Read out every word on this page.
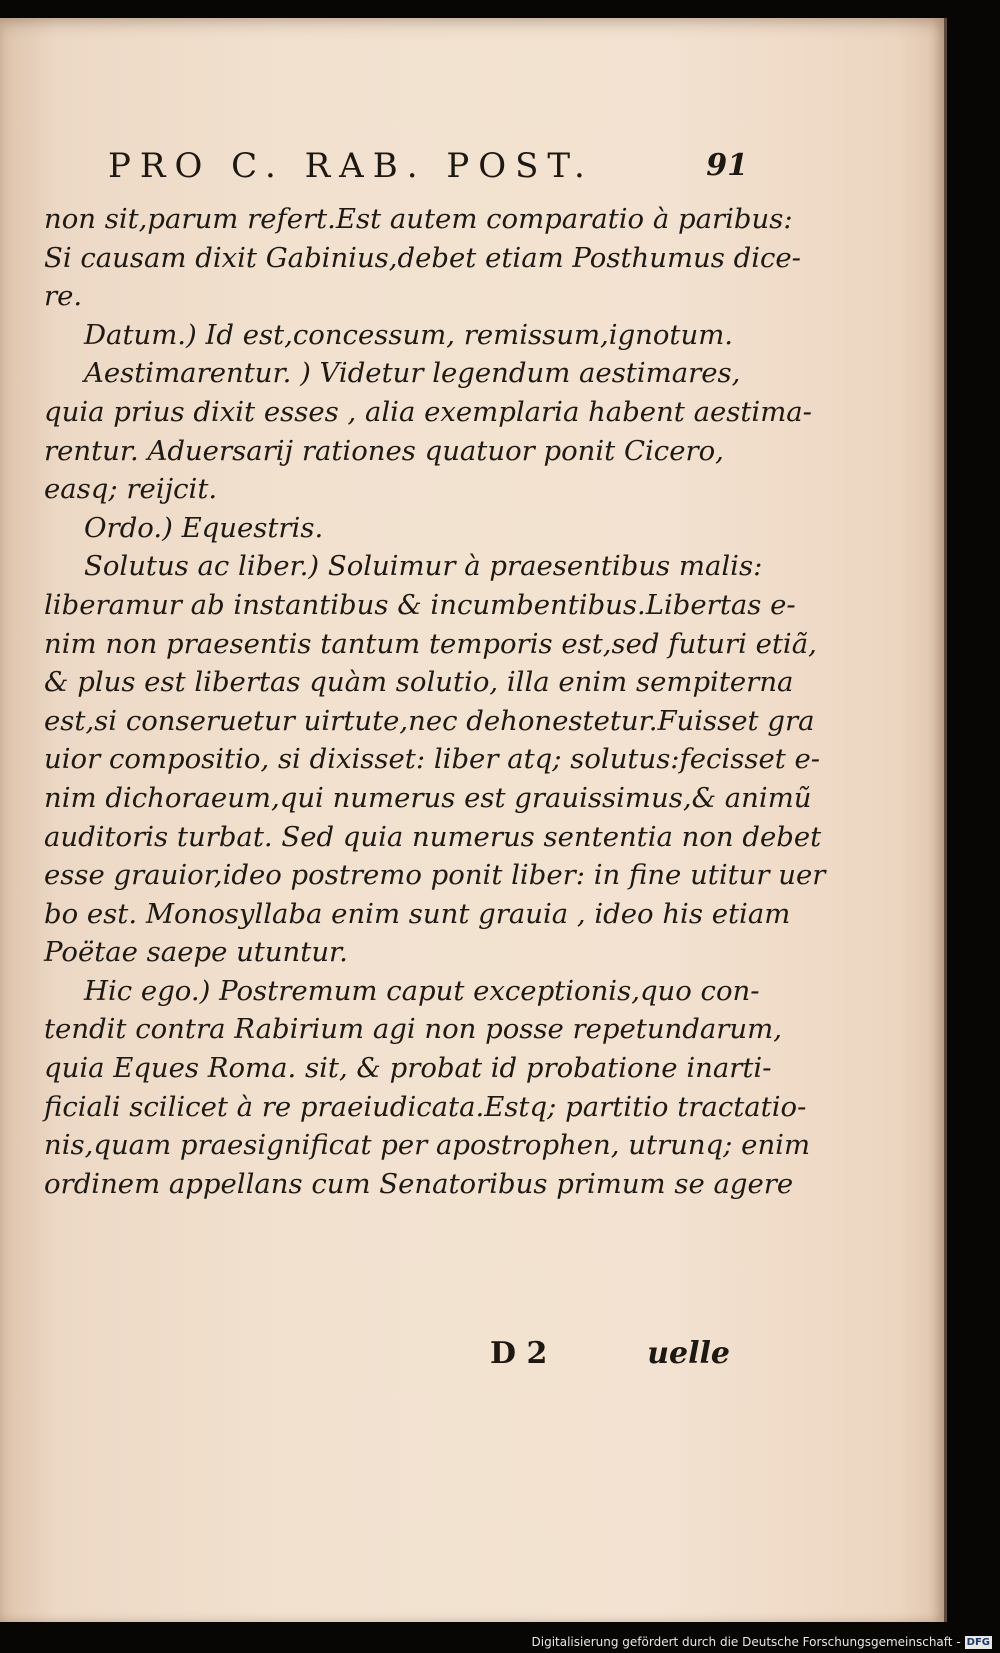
PRO C. RAB. POST.	91
non sit,parum refert.Est autem comparatio à paribus:
Si causam dixit Gabinius,debet etiam Posthumus dice-
re.
Datum.) Id est,concessum, remissum,ignotum.
Aestimarentur. ) Videtur legendum aestimares,
quia prius dixit esses , alia exemplaria habent aestima-
rentur. Aduersarij rationes quatuor ponit Cicero,
easq; reijcit.
Ordo.) Equestris.
Solutus ac liber.) Soluimur à praesentibus malis:
liberamur ab instantibus & incumbentibus.Libertas e-
nim non praesentis tantum temporis est,sed futuri etiã,
& plus est libertas quàm solutio, illa enim sempiterna
est,si conseruetur uirtute,nec dehonestetur.Fuisset gra
uior compositio, si dixisset: liber atq; solutus:fecisset e-
nim dichoraeum,qui numerus est grauissimus,& animũ
auditoris turbat. Sed quia numerus sententia non debet
esse grauior,ideo postremo ponit liber: in fine utitur uer
bo est. Monosyllaba enim sunt grauia , ideo his etiam
Poëtae saepe utuntur.
Hic ego.) Postremum caput exceptionis,quo con-
tendit contra Rabirium agi non posse repetundarum,
quia Eques Roma. sit, & probat id probatione inarti-
ficiali scilicet à re praeiudicata.Estq; partitio tractatio-
nis,quam praesignificat per apostrophen, utrunq; enim
ordinem appellans cum Senatoribus primum se agere
D 2	uelle
Digitalisierung gefördert durch die Deutsche Forschungsgemeinschaft - DFG
